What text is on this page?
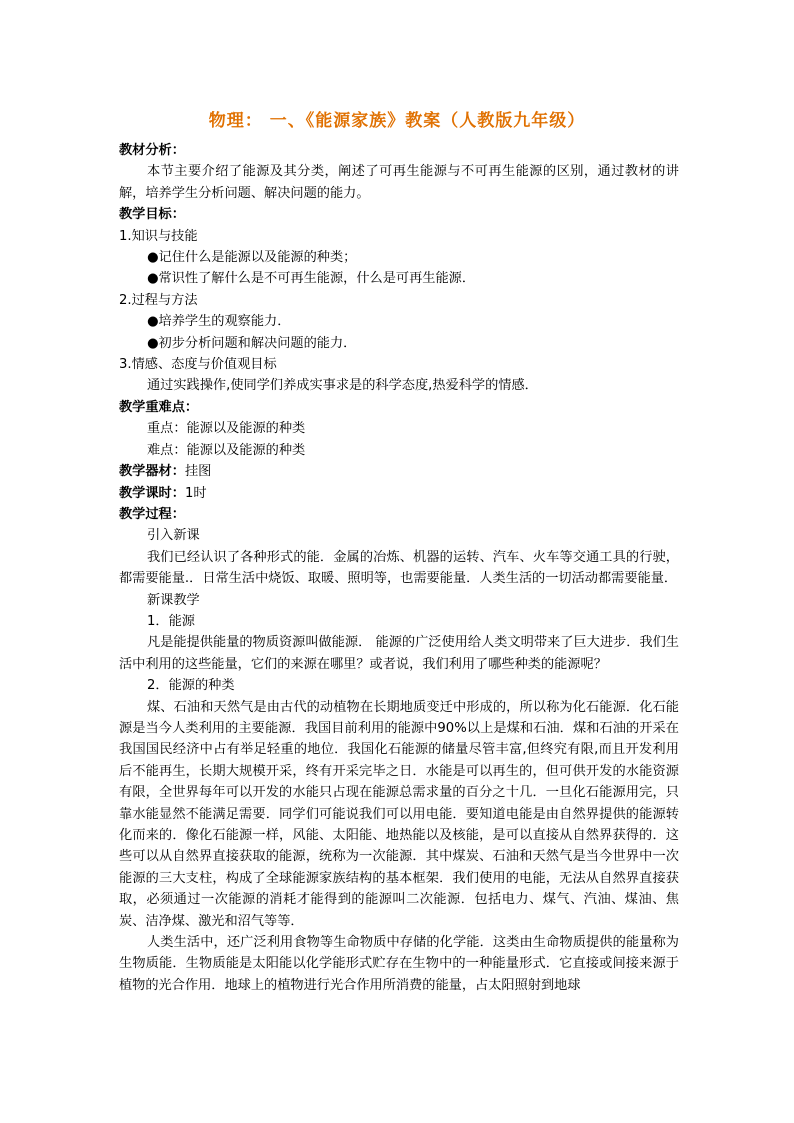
物理： 一、《能源家族》教案（人教版九年级）

教材分析：

本节主要介绍了能源及其分类，阐述了可再生能源与不可再生能源的区别，通过教材的讲解，培养学生分析问题、解决问题的能力。

教学目标：

1.知识与技能

●记住什么是能源以及能源的种类；

●常识性了解什么是不可再生能源，什么是可再生能源．

2.过程与方法

●培养学生的观察能力．

●初步分析问题和解决问题的能力．

3.情感、态度与价值观目标

通过实践操作,使同学们养成实事求是的科学态度,热爱科学的情感．

教学重难点：

重点：能源以及能源的种类

难点：能源以及能源的种类

教学器材：挂图

教学课时：1时

教学过程：

引入新课

我们已经认识了各种形式的能．金属的冶炼、机器的运转、汽车、火车等交通工具的行驶，都需要能量.．日常生活中烧饭、取暖、照明等，也需要能量．人类生活的一切活动都需要能量．

新课教学

1．能源

凡是能提供能量的物质资源叫做能源． 能源的广泛使用给人类文明带来了巨大进步．我们生活中利用的这些能量，它们的来源在哪里？或者说，我们利用了哪些种类的能源呢？

2．能源的种类

煤、石油和天然气是由古代的动植物在长期地质变迁中形成的，所以称为化石能源．化石能源是当今人类利用的主要能源．我国目前利用的能源中90%以上是煤和石油．煤和石油的开采在我国国民经济中占有举足轻重的地位．我国化石能源的储量尽管丰富,但终究有限,而且开发利用后不能再生，长期大规模开采，终有开采完毕之日．水能是可以再生的，但可供开发的水能资源有限，全世界每年可以开发的水能只占现在能源总需求量的百分之十几．一旦化石能源用完，只靠水能显然不能满足需要．同学们可能说我们可以用电能．要知道电能是由自然界提供的能源转化而来的．像化石能源一样，风能、太阳能、地热能以及核能，是可以直接从自然界获得的．这些可以从自然界直接获取的能源，统称为一次能源．其中煤炭、石油和天然气是当今世界中一次能源的三大支柱，构成了全球能源家族结构的基本框架．我们使用的电能，无法从自然界直接获取，必须通过一次能源的消耗才能得到的能源叫二次能源．包括电力、煤气、汽油、煤油、焦炭、洁净煤、激光和沼气等等．

人类生活中，还广泛利用食物等生命物质中存储的化学能．这类由生命物质提供的能量称为生物质能．生物质能是太阳能以化学能形式贮存在生物中的一种能量形式．它直接或间接来源于植物的光合作用．地球上的植物进行光合作用所消费的能量，占太阳照射到地球
